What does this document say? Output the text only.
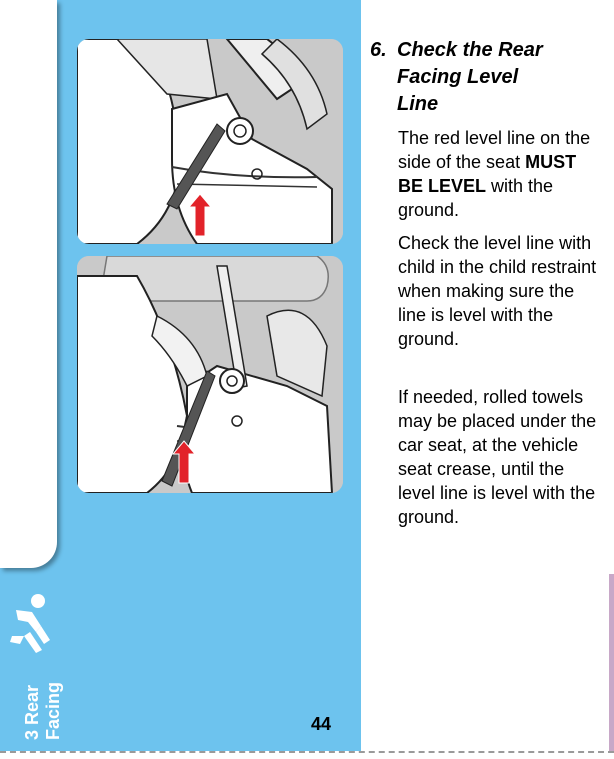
3 Rear Facing	44
6. Check the Rear
Facing Level
Line

The red level line on the side of the seat MUST BE LEVEL with the ground.

Check the level line with child in the child restraint when making sure the line is level with the ground.

If needed, rolled towels may be placed under the car seat, at the vehicle seat crease, until the level line is level with the ground.
